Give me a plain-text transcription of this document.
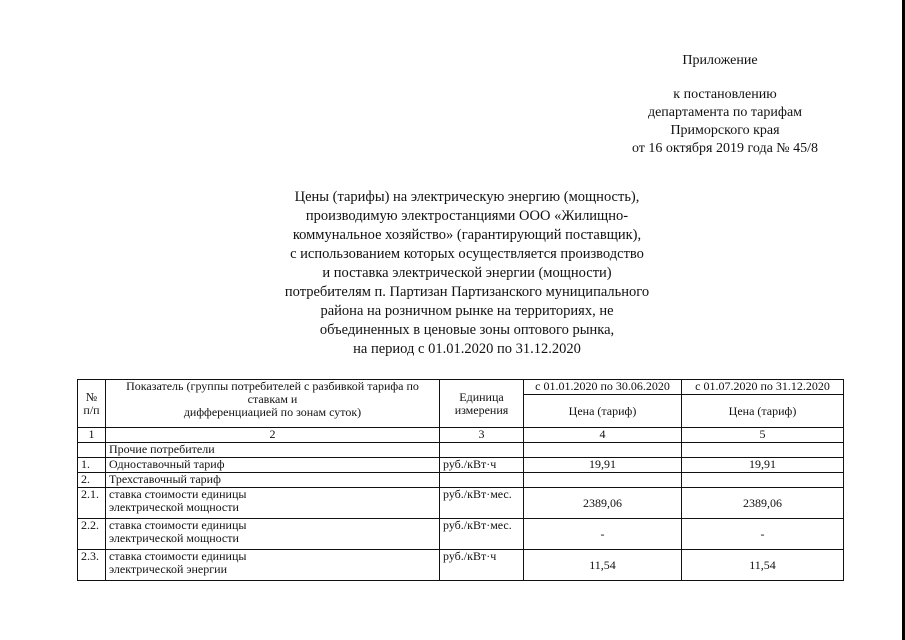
Приложение
к постановлению
департамента по тарифам
Приморского края
от 16 октября 2019 года № 45/8
Цены (тарифы) на электрическую энергию (мощность),
производимую электростанциями ООО «Жилищно-
коммунальное хозяйство» (гарантирующий поставщик),
с использованием которых осуществляется производство
и поставка электрической энергии (мощности)
потребителям п. Партизан Партизанского муниципального
района на розничном рынке на территориях, не
объединенных в ценовые зоны оптового рынка,
на период с 01.01.2020 по 31.12.2020
№ п/п	Показатель (группы потребителей с разбивкой тарифа по ставкам и
дифференциацией по зонам суток)	Единица измерения	с 01.01.2020 по 30.06.2020	с 01.07.2020 по 31.12.2020
			Цена (тариф)	Цена (тариф)
1	2	3	4	5
	Прочие потребители			
1.	Одноставочный тариф	руб./кВт·ч	19,91	19,91
2.	Трехставочный тариф			
2.1.	ставка стоимости единицы
электрической мощности	руб./кВт·мес.	2389,06	2389,06
2.2.	ставка стоимости единицы
электрической мощности	руб./кВт·мес.	-	-
2.3.	ставка стоимости единицы
электрической энергии	руб./кВт·ч	11,54	11,54
